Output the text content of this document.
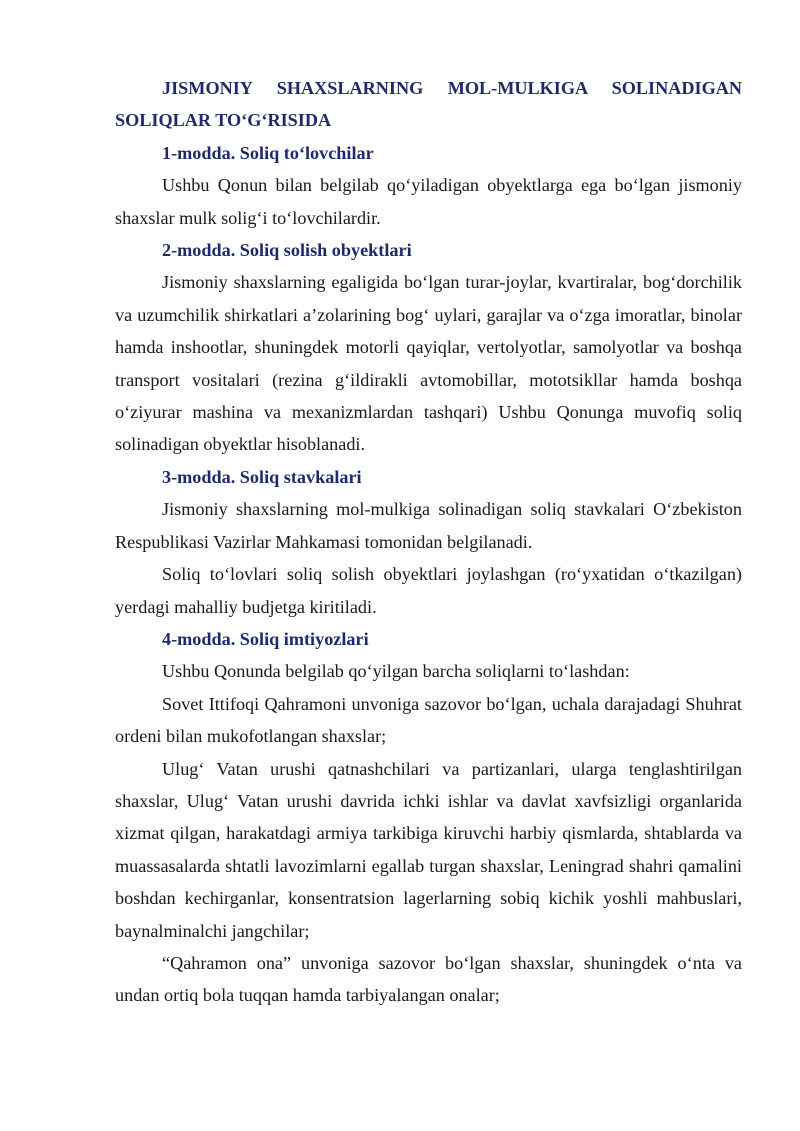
JISMONIY SHAXSLARNING MOL-MULKIGA SOLINADIGAN SOLIQLAR TO‘G‘RISIDA

1-modda. Soliq to‘lovchilar

Ushbu Qonun bilan belgilab qo‘yiladigan obyektlarga ega bo‘lgan jismoniy shaxslar mulk solig‘i to‘lovchilardir.

2-modda. Soliq solish obyektlari

Jismoniy shaxslarning egaligida bo‘lgan turar-joylar, kvartiralar, bog‘dorchilik va uzumchilik shirkatlari a’zolarining bog‘ uylari, garajlar va o‘zga imoratlar, binolar hamda inshootlar, shuningdek motorli qayiqlar, vertolyotlar, samolyotlar va boshqa transport vositalari (rezina g‘ildirakli avtomobillar, mototsikllar hamda boshqa o‘ziyurar mashina va mexanizmlardan tashqari) Ushbu Qonunga muvofiq soliq solinadigan obyektlar hisoblanadi.

3-modda. Soliq stavkalari

Jismoniy shaxslarning mol-mulkiga solinadigan soliq stavkalari O‘zbekiston Respublikasi Vazirlar Mahkamasi tomonidan belgilanadi.

Soliq to‘lovlari soliq solish obyektlari joylashgan (ro‘yxatidan o‘tkazilgan) yerdagi mahalliy budjetga kiritiladi.

4-modda. Soliq imtiyozlari

Ushbu Qonunda belgilab qo‘yilgan barcha soliqlarni to‘lashdan:

Sovet Ittifoqi Qahramoni unvoniga sazovor bo‘lgan, uchala darajadagi Shuhrat ordeni bilan mukofotlangan shaxslar;

Ulug‘ Vatan urushi qatnashchilari va partizanlari, ularga tenglashtirilgan shaxslar, Ulug‘ Vatan urushi davrida ichki ishlar va davlat xavfsizligi organlarida xizmat qilgan, harakatdagi armiya tarkibiga kiruvchi harbiy qismlarda, shtablarda va muassasalarda shtatli lavozimlarni egallab turgan shaxslar, Leningrad shahri qamalini boshdan kechirganlar, konsentratsion lagerlarning sobiq kichik yoshli mahbuslari, baynalminalchi jangchilar;

“Qahramon ona” unvoniga sazovor bo‘lgan shaxslar, shuningdek o‘nta va undan ortiq bola tuqqan hamda tarbiyalangan onalar;
